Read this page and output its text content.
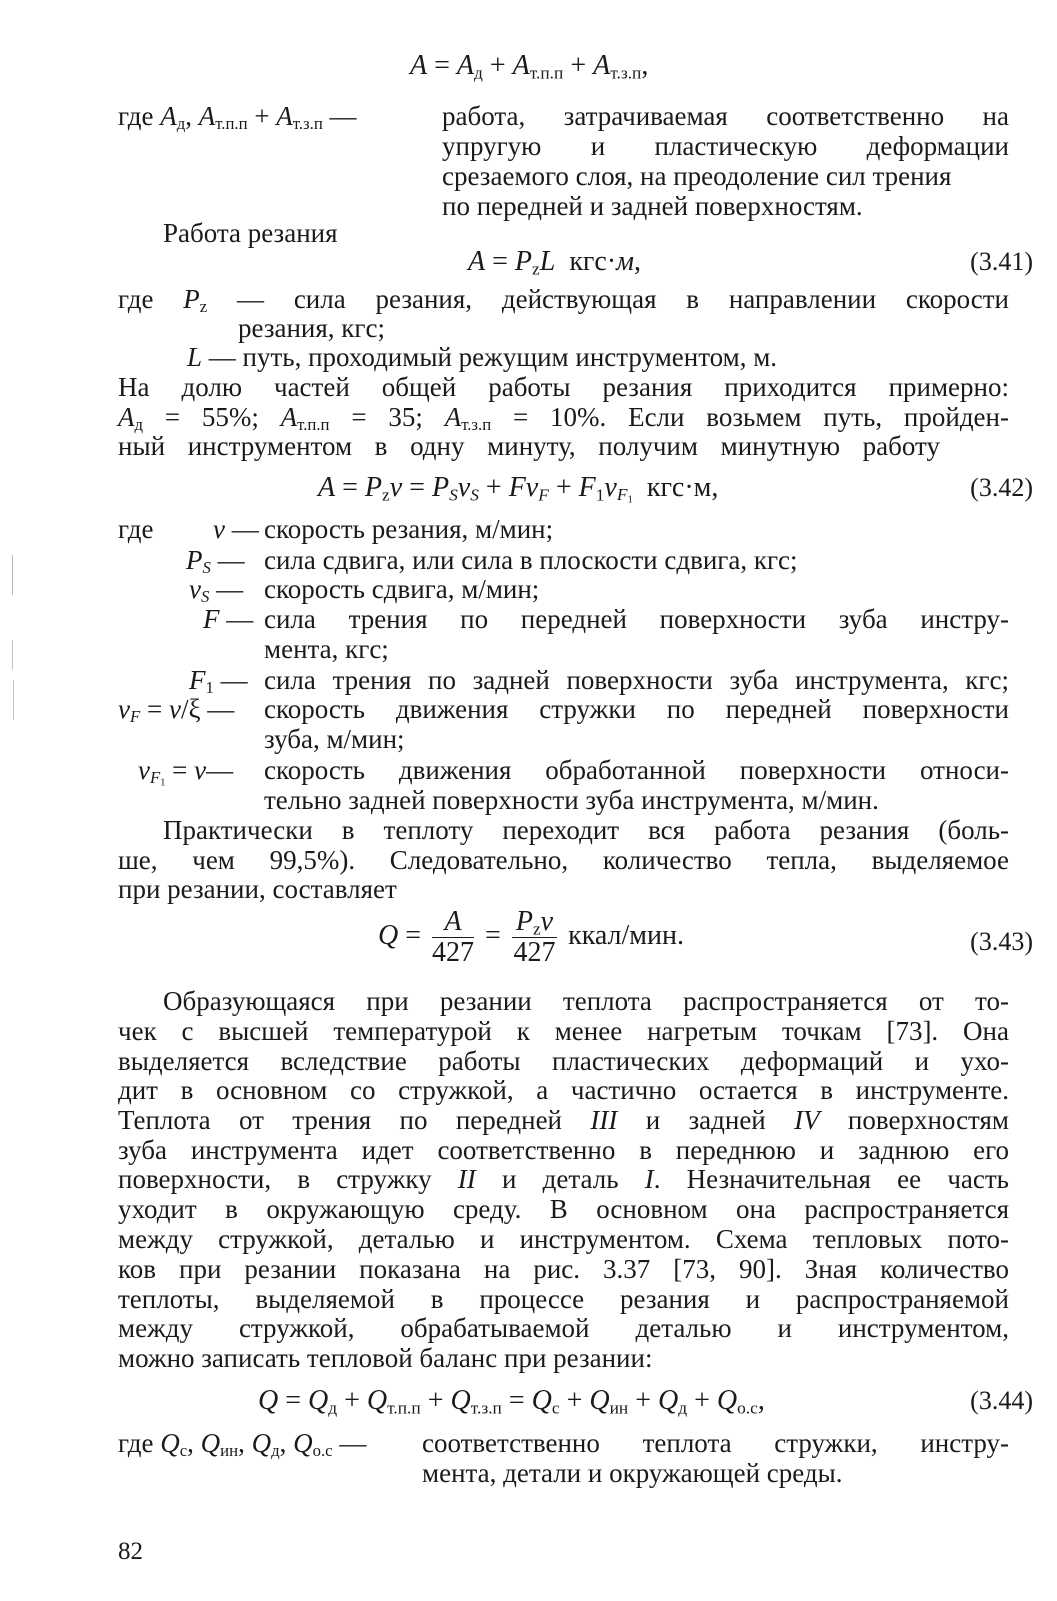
$A = A_д + A_{т.п.п} + A_{т.з.п}$,
где $A_д$, $A_{т.п.п} + A_{т.з.п}$ —	работа, затрачиваемая соответственно на
упругую и пластическую деформации
срезаемого слоя, на преодоление сил трения
по передней и задней поверхностям.
Работа резания
$A = P_zL$  кгс·м,	(3.41)
где $P_z$ — сила резания, действующая в направлении скорости
резания, кгс;
L — путь, проходимый режущим инструментом, м.
На долю частей общей работы резания приходится примерно:
$A_д = 55\%$; $A_{т.п.п} = 35$; $A_{т.з.п} = 10\%$. Если возьмем путь, пройден-
ный инструментом в одну минуту, получим минутную работу
$A = P_zv = P_Sv_S + Fv_F + F_1v_{F_1}$  кгс·м,	(3.42)
где v — скорость резания, м/мин;
$P_S$ — сила сдвига, или сила в плоскости сдвига, кгс;
$v_S$ — скорость сдвига, м/мин;
F — сила трения по передней поверхности зуба инстру-
мента, кгс;
$F_1$ — сила трения по задней поверхности зуба инструмента, кгс;
$v_F = v/\xi$ — скорость движения стружки по передней поверхности
зуба, м/мин;
$v_{F_1}$ = v— скорость движения обработанной поверхности относи-
тельно задней поверхности зуба инструмента, м/мин.
Практически в теплоту переходит вся работа резания (боль-
ше, чем 99,5%). Следовательно, количество тепла, выделяемое
при резании, составляет
$Q = \frac{A}{427} = \frac{P_zv}{427}$ ккал/мин.	(3.43)
Образующаяся при резании теплота распространяется от то-
чек с высшей температурой к менее нагретым точкам [73]. Она
выделяется вследствие работы пластических деформаций и ухо-
дит в основном со стружкой, а частично остается в инструменте.
Теплота от трения по передней III и задней IV поверхностям
зуба инструмента идет соответственно в переднюю и заднюю его
поверхности, в стружку II и деталь I. Незначительная ее часть
уходит в окружающую среду. В основном она распространяется
между стружкой, деталью и инструментом. Схема тепловых пото-
ков при резании показана на рис. 3.37 [73, 90]. Зная количество
теплоты, выделяемой в процессе резания и распространяемой
между стружкой, обрабатываемой деталью и инструментом,
можно записать тепловой баланс при резании:
$Q = Q_д + Q_{т.п.п} + Q_{т.з.п} = Q_с + Q_{ин} + Q_д + Q_{о.с}$,	(3.44)
где $Q_с$, $Q_{ин}$, $Q_д$, $Q_{о.с}$ — соответственно теплота стружки, инстру-
мента, детали и окружающей среды.
82
